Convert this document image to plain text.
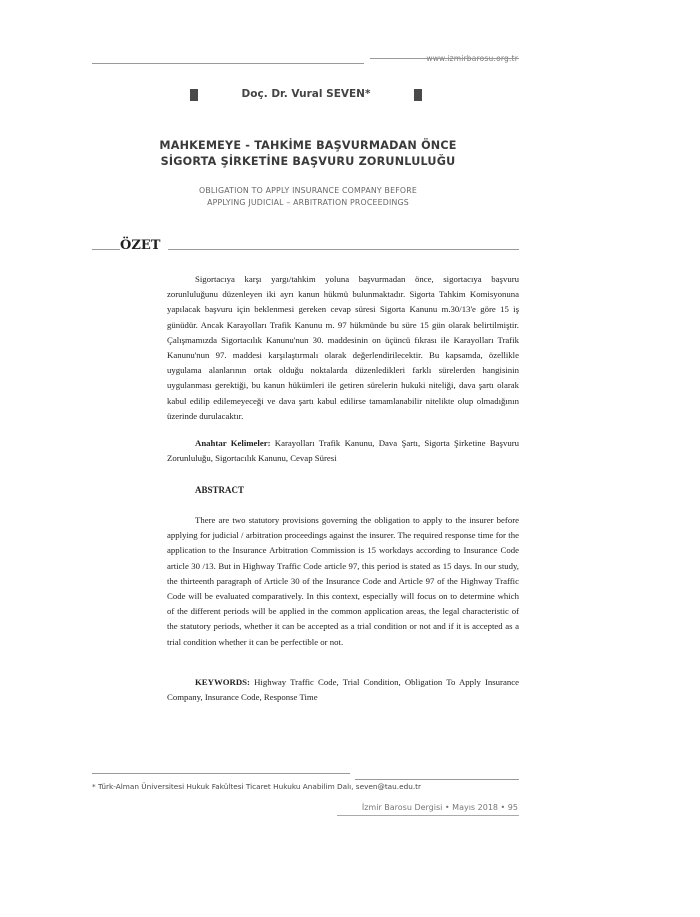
www.izmirbarosu.org.tr
Doç. Dr. Vural SEVEN*
MAHKEMEYE - TAHKİME BAŞVURMADAN ÖNCE
SİGORTA ŞİRKETİNE BAŞVURU ZORUNLULUĞU
OBLIGATION TO APPLY INSURANCE COMPANY BEFORE
APPLYING JUDICIAL – ARBITRATION PROCEEDINGS
ÖZET

Sigortacıya karşı yargı/tahkim yoluna başvurmadan önce, sigortacıya başvuru zorunluluğunu düzenleyen iki ayrı kanun hükmü bulunmaktadır. Sigorta Tahkim Komisyonuna yapılacak başvuru için beklenmesi gereken cevap süresi Sigorta Kanunu m.30/13'e göre 15 iş günüdür. Ancak Karayolları Trafik Kanunu m. 97 hükmünde bu süre 15 gün olarak belirtilmiştir. Çalışmamızda Sigortacılık Kanunu'nun 30. maddesinin on üçüncü fıkrası ile Karayolları Trafik Kanunu'nun 97. maddesi karşılaştırmalı olarak değerlendirilecektir. Bu kapsamda, özellikle uygulama alanlarının ortak olduğu noktalarda düzenledikleri farklı sürelerden hangisinin uygulanması gerektiği, bu kanun hükümleri ile getiren sürelerin hukuki niteliği, dava şartı olarak kabul edilip edilemeyeceği ve dava şartı kabul edilirse tamamlanabilir nitelikte olup olmadığının üzerinde durulacaktır.

Anahtar Kelimeler: Karayolları Trafik Kanunu, Dava Şartı, Sigorta Şirketine Başvuru Zorunluluğu, Sigortacılık Kanunu, Cevap Süresi

ABSTRACT

There are two statutory provisions governing the obligation to apply to the insurer before applying for judicial / arbitration proceedings against the insurer. The required response time for the application to the Insurance Arbitration Commission is 15 workdays according to Insurance Code article 30 /13. But in Highway Traffic Code article 97, this period is stated as 15 days. In our study, the thirteenth paragraph of Article 30 of the Insurance Code and Article 97 of the Highway Traffic Code will be evaluated comparatively. In this context, especially will focus on to determine which of the different periods will be applied in the common application areas, the legal characteristic of the statutory periods, whether it can be accepted as a trial condition or not and if it is accepted as a trial condition whether it can be perfectible or not.

KEYWORDS: Highway Traffic Code, Trial Condition, Obligation To Apply Insurance Company, Insurance Code, Response Time

* Türk-Alman Üniversitesi Hukuk Fakültesi Ticaret Hukuku Anabilim Dalı, seven@tau.edu.tr
İzmir Barosu Dergisi • Mayıs 2018 • 95
